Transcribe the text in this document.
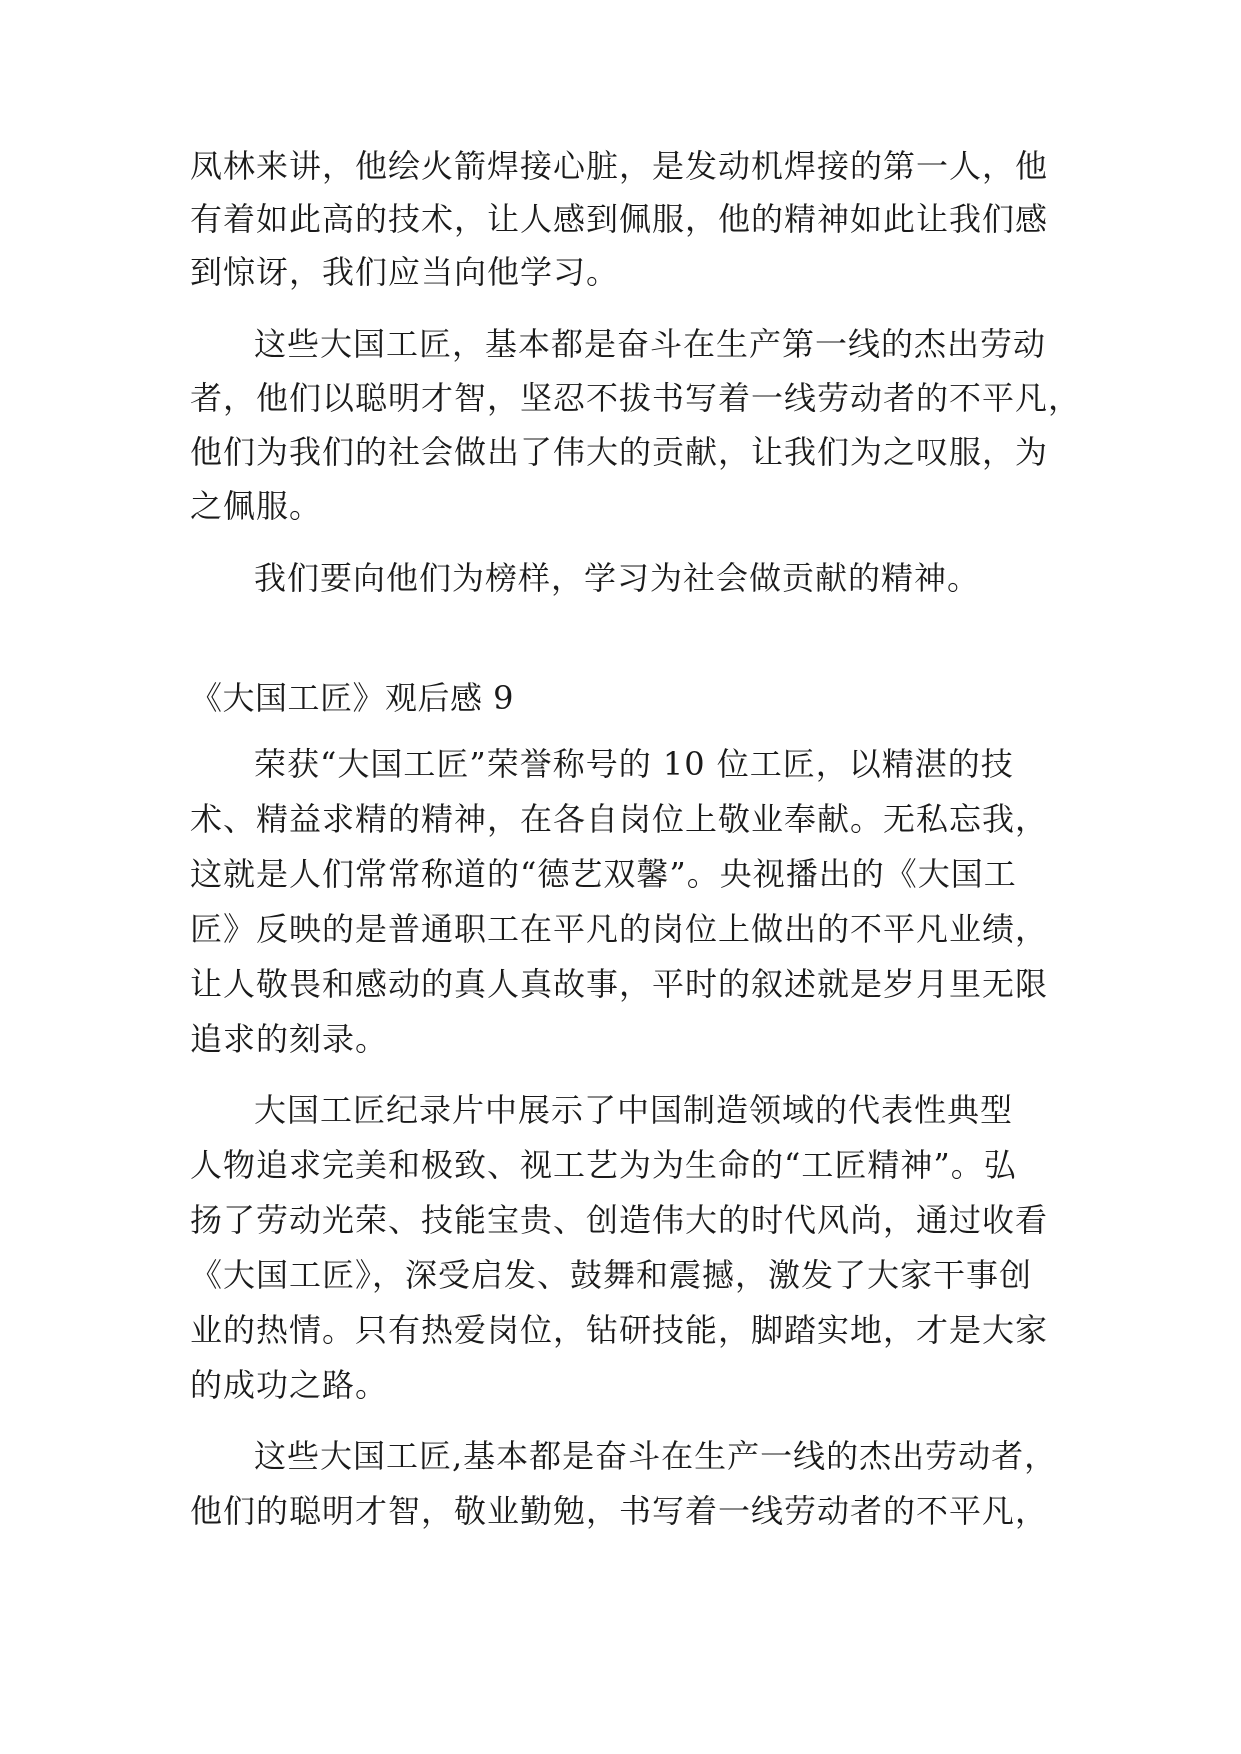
凤林来讲，他绘火箭焊接心脏，是发动机焊接的第一人，他
有着如此高的技术，让人感到佩服，他的精神如此让我们感
到惊讶，我们应当向他学习。
这些大国工匠，基本都是奋斗在生产第一线的杰出劳动
者，他们以聪明才智，坚忍不拔书写着一线劳动者的不平凡，
他们为我们的社会做出了伟大的贡献，让我们为之叹服，为
之佩服。
我们要向他们为榜样，学习为社会做贡献的精神。
《大国工匠》观后感 9
荣获“大国工匠”荣誉称号的 10 位工匠，以精湛的技
术、精益求精的精神，在各自岗位上敬业奉献。无私忘我，
这就是人们常常称道的“德艺双馨”。央视播出的《大国工
匠》反映的是普通职工在平凡的岗位上做出的不平凡业绩，
让人敬畏和感动的真人真故事，平时的叙述就是岁月里无限
追求的刻录。
大国工匠纪录片中展示了中国制造领域的代表性典型
人物追求完美和极致、视工艺为为生命的“工匠精神”。弘
扬了劳动光荣、技能宝贵、创造伟大的时代风尚，通过收看
《大国工匠》，深受启发、鼓舞和震撼，激发了大家干事创
业的热情。只有热爱岗位，钻研技能，脚踏实地，才是大家
的成功之路。
这些大国工匠,基本都是奋斗在生产一线的杰出劳动者，
他们的聪明才智，敬业勤勉，书写着一线劳动者的不平凡，
